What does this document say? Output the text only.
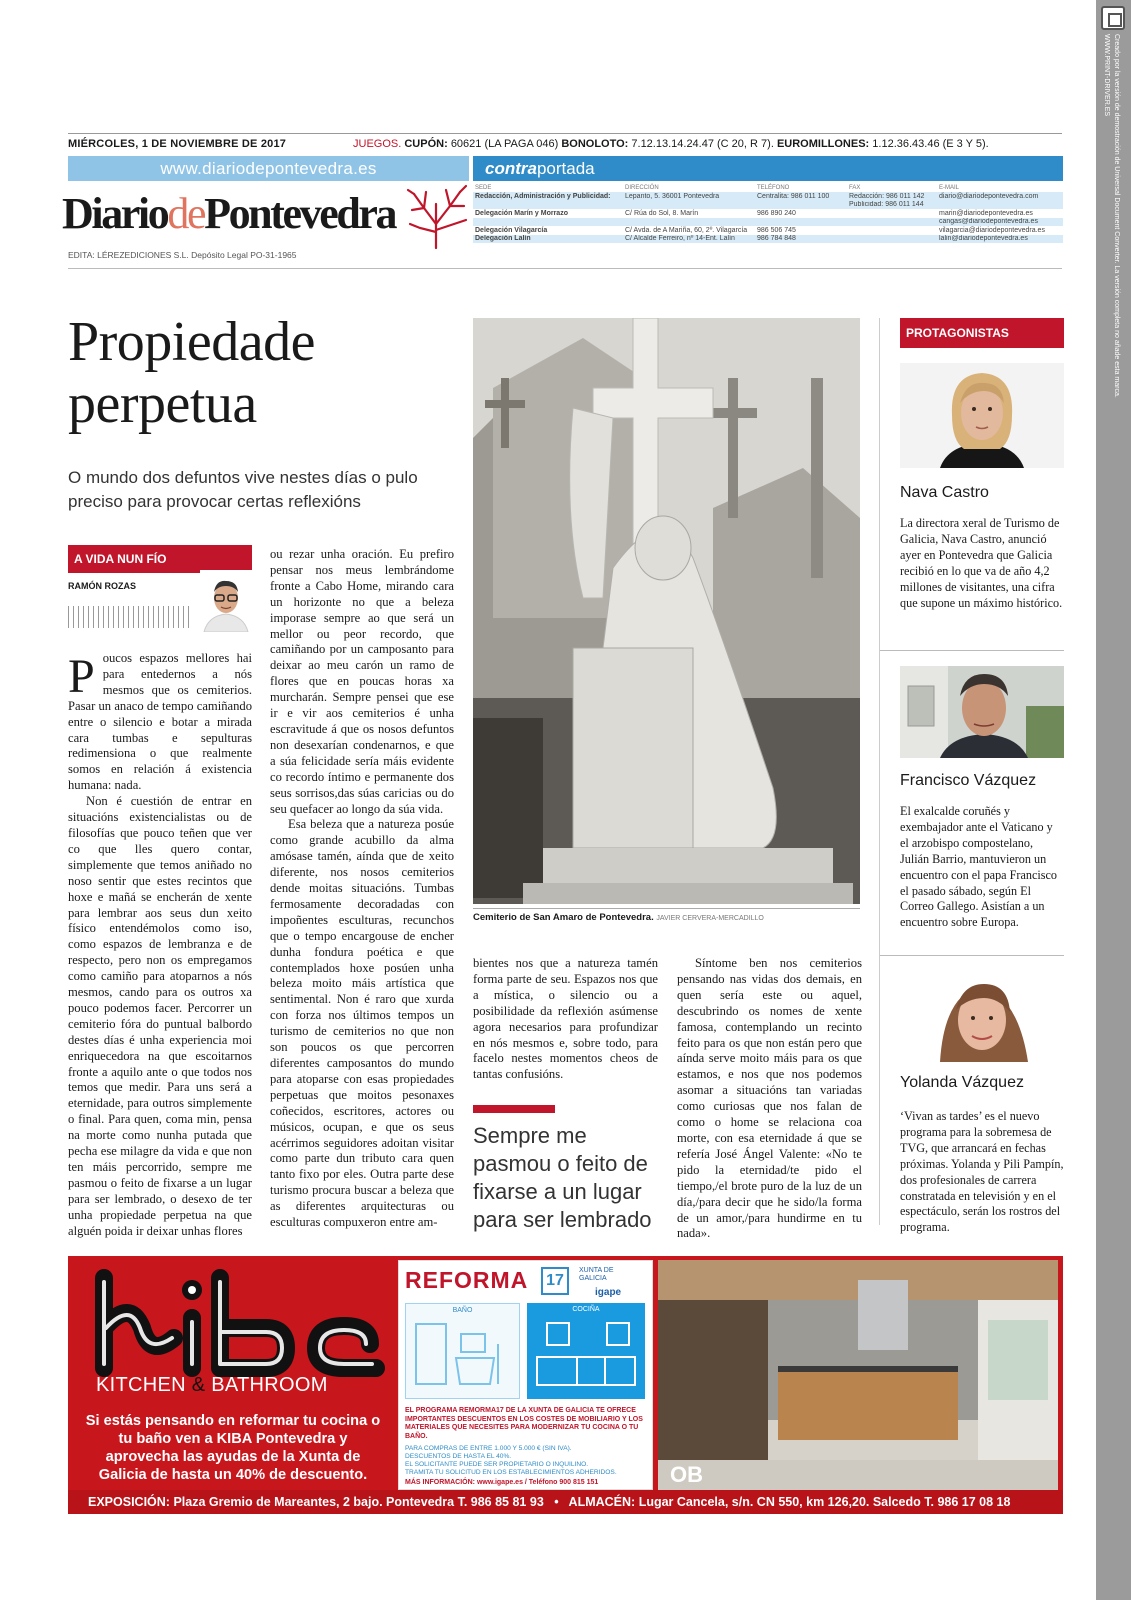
Creado por la versión de demostración de Universal Document Converter. La versión completa no añade esta marca.
WWW.PRINT-DRIVER.ES
MIÉRCOLES, 1 DE NOVIEMBRE DE 2017	JUEGOS. CUPÓN: 60621 (LA PAGA 046) BONOLOTO: 7.12.13.14.24.47 (C 20, R 7). EUROMILLONES: 1.12.36.43.46 (E 3 Y 5).
www.diariodepontevedra.es	contraportada
DiariodePontevedra
EDITA: LÉREZEDICIONES S.L. Depósito Legal PO-31-1965
SEDE	DIRECCIÓN	TELÉFONO	FAX	E-MAIL
Redacción, Administración y Publicidad:	Lepanto, 5. 36001 Pontevedra	Centralita: 986 011 100	Redacción: 986 011 142	diario@diariodepontevedra.com
			Publicidad: 986 011 144	
Delegación Marín y Morrazo	C/ Rúa do Sol, 8. Marín	986 890 240		marin@diariodepontevedra.es
				cangas@diariodepontevedra.es
Delegación Vilagarcía	C/ Avda. de A Mariña, 60, 2º. Vilagarcía	986 506 745		vilagarcia@diariodepontevedra.es
Delegación Lalín	C/ Alcalde Ferreiro, nº 14-Ent. Lalín	986 784 848		lalin@diariodepontevedra.es
Propiedade
perpetua
O mundo dos defuntos vive nestes días o pulo preciso para provocar certas reflexións
A VIDA NUN FÍO
RAMÓN ROZAS

Poucos espazos mellores hai para entedernos a nós mesmos que os cemiterios. Pasar un anaco de tempo camiñando entre o silencio e botar a mirada cara tumbas e sepulturas redimensiona o que realmente somos en relación á existencia humana: nada.

Non é cuestión de entrar en situacións existencialistas ou de filosofías que pouco teñen que ver co que lles quero contar, simplemente que temos aniñado no noso sentir que estes recintos que hoxe e mañá se encherán de xente para lembrar aos seus dun xeito físico entendémolos como iso, como espazos de lembranza e de respecto, pero non os empregamos como camiño para atoparnos a nós mesmos, cando para os outros xa pouco podemos facer. Percorrer un cemiterio fóra do puntual balbordo destes días é unha experiencia moi enriquecedora na que escoitarnos fronte a aquilo ante o que todos nos temos que medir. Para uns será a eternidade, para outros simplemente o final. Para quen, coma min, pensa na morte como nunha putada que pecha ese milagre da vida e que non ten máis percorrido, sempre me pasmou o feito de fixarse a un lugar para ser lembrado, o desexo de ter unha propiedade perpetua na que alguén poida ir deixar unhas flores

ou rezar unha oración. Eu prefiro pensar nos meus lembrándome fronte a Cabo Home, mirando cara un horizonte no que a beleza imporase sempre ao que será un mellor ou peor recordo, que camiñando por un camposanto para deixar ao meu carón un ramo de flores que en poucas horas xa murcharán. Sempre pensei que ese ir e vir aos cemiterios é unha escravitude á que os nosos defuntos non desexarían condenarnos, e que a súa felicidade sería máis evidente co recordo íntimo e permanente dos seus sorrisos,das súas caricias ou do seu quefacer ao longo da súa vida.

Esa beleza que a natureza posúe como grande acubillo da alma amósase tamén, aínda que de xeito diferente, nos nosos cemiterios dende moitas situacións. Tumbas fermosamente decoradadas con impoñentes esculturas, recunchos que o tempo encargouse de encher dunha fondura poética e que contemplados hoxe posúen unha beleza moito máis artística que sentimental. Non é raro que xurda con forza nos últimos tempos un turismo de cemiterios no que non son poucos os que percorren diferentes camposantos do mundo para atoparse con esas propiedades perpetuas que moitos pesonaxes coñecidos, escritores, actores ou músicos, ocupan, e que os seus acérrimos seguidores adoitan visitar como parte dun tributo cara quen tanto fixo por eles. Outra parte dese turismo procura buscar a beleza que as diferentes arquitecturas ou esculturas compuxeron entre am-

bientes nos que a natureza tamén forma parte de seu. Espazos nos que a mística, o silencio ou a posibilidade da reflexión asúmense agora necesarios para profundizar en nós mesmos e, sobre todo, para facelo nestes momentos cheos de tantas confusións.

Síntome ben nos cemiterios pensando nas vidas dos demais, en quen sería este ou aquel, descubrindo os nomes de xente famosa, contemplando un recinto feito para os que non están pero que aínda serve moito máis para os que estamos, e nos que nos podemos asomar a situacións tan variadas como curiosas que nos falan de como o home se relaciona coa morte, con esa eternidade á que se refería José Ángel Valente: «No te pido la eternidad/te pido el tiempo,/el brote puro de la luz de un día,/para decir que he sido/la forma de un amor,/para hundirme en tu nada».

Cemiterio de San Amaro de Pontevedra. JAVIER CERVERA-MERCADILLO
Sempre me pasmou o feito de fixarse a un lugar para ser lembrado
PROTAGONISTAS
Nava Castro
La directora xeral de Turismo de Galicia, Nava Castro, anunció ayer en Pontevedra que Galicia recibió en lo que va de año 4,2 millones de visitantes, una cifra que supone un máximo histórico.
Francisco Vázquez
El exalcalde coruñés y exembajador ante el Vaticano y el arzobispo compostelano, Julián Barrio, mantuvieron un encuentro con el papa Francisco el pasado sábado, según El Correo Gallego. Asistían a un encuentro sobre Europa.
Yolanda Vázquez
‘Vivan as tardes’ es el nuevo programa para la sobremesa de TVG, que arrancará en fechas próximas. Yolanda y Pili Pampín, dos profesionales de carrera constratada en televisión y en el espectáculo, serán los rostros del programa.
KITCHEN & BATHROOM
Si estás pensando en reformar tu cocina o tu baño ven a KIBA Pontevedra y aprovecha las ayudas de la Xunta de Galicia de hasta un 40% de descuento.
REFORMA	17
XUNTA DE GALICIA
igape
BAÑO	COCIÑA
EL PROGRAMA REMORMA17 DE LA XUNTA DE GALICIA TE OFRECE IMPORTANTES DESCUENTOS EN LOS COSTES DE MOBILIARIO Y LOS MATERIALES QUE NECESITES PARA MODERNIZAR TU COCINA O TU BAÑO.
PARA COMPRAS DE ENTRE 1.000 Y 5.000 € (SIN IVA).
DESCUENTOS DE HASTA EL 40%.
EL SOLICITANTE PUEDE SER PROPIETARIO O INQUILINO.
TRAMITA TU SOLICITUD EN LOS ESTABLECIMIENTOS ADHERIDOS.
MÁS INFORMACIÓN: www.igape.es / Teléfono 900 815 151	OB
EXPOSICIÓN: Plaza Gremio de Mareantes, 2 bajo. Pontevedra T. 986 85 81 93 • ALMACÉN: Lugar Cancela, s/n. CN 550, km 126,20. Salcedo T. 986 17 08 18
